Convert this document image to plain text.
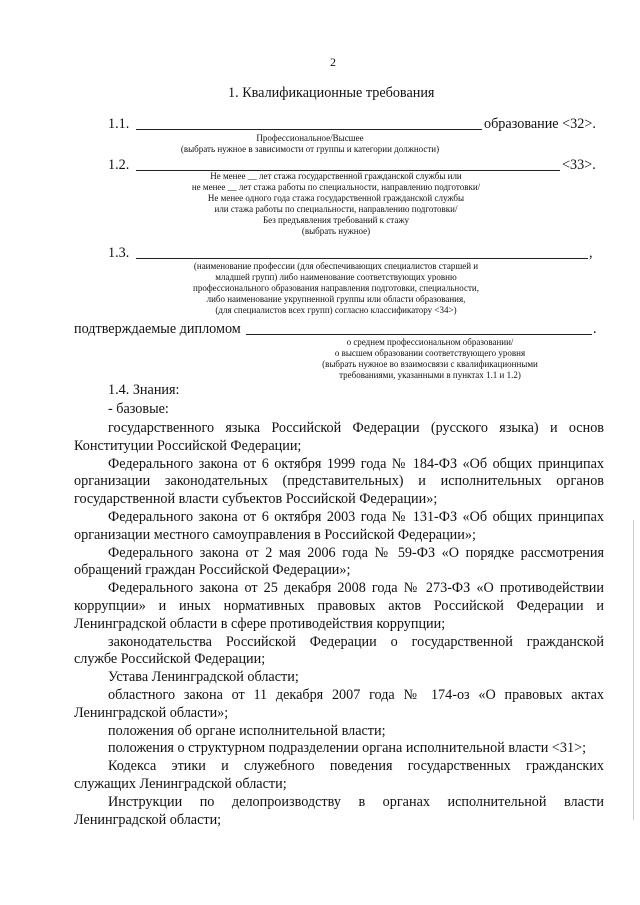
2
1. Квалификационные требования
1.1.	образование <32>.
Профессиональное/Высшее
(выбрать нужное в зависимости от группы и категории должности)
1.2.	<33>.
Не менее __ лет стажа государственной гражданской службы или
не менее __ лет стажа работы по специальности, направлению подготовки/
Не менее одного года стажа государственной гражданской службы
или стажа работы по специальности, направлению подготовки/
Без предъявления требований к стажу
(выбрать нужное)
1.3.	,
(наименование профессии (для обеспечивающих специалистов старшей и
младшей групп) либо наименование соответствующих уровню
профессионального образования направления подготовки, специальности,
либо наименование укрупненной группы или области образования,
(для специалистов всех групп) согласно классификатору <34>)
подтверждаемые дипломом	.
о среднем профессиональном образовании/
о высшем образовании соответствующего уровня
(выбрать нужное во взаимосвязи с квалификационными
требованиями, указанными в пунктах 1.1 и 1.2)
1.4. Знания:
- базовые:
государственного языка Российской Федерации (русского языка) и основ
Конституции Российской Федерации;
Федерального закона от 6 октября 1999 года № 184-ФЗ «Об общих принципах
организации законодательных (представительных) и исполнительных органов
государственной власти субъектов Российской Федерации»;
Федерального закона от 6 октября 2003 года № 131-ФЗ «Об общих принципах
организации местного самоуправления в Российской Федерации»;
Федерального закона от 2 мая 2006 года № 59-ФЗ «О порядке рассмотрения
обращений граждан Российской Федерации»;
Федерального закона от 25 декабря 2008 года № 273-ФЗ «О противодействии
коррупции» и иных нормативных правовых актов Российской Федерации и
Ленинградской области в сфере противодействия коррупции;
законодательства Российской Федерации о государственной гражданской
службе Российской Федерации;
Устава Ленинградской области;
областного закона от 11 декабря 2007 года № 174-оз «О правовых актах
Ленинградской области»;
положения об органе исполнительной власти;
положения о структурном подразделении органа исполнительной власти <31>;
Кодекса этики и служебного поведения государственных гражданских
служащих Ленинградской области;
Инструкции по делопроизводству в органах исполнительной власти
Ленинградской области;
